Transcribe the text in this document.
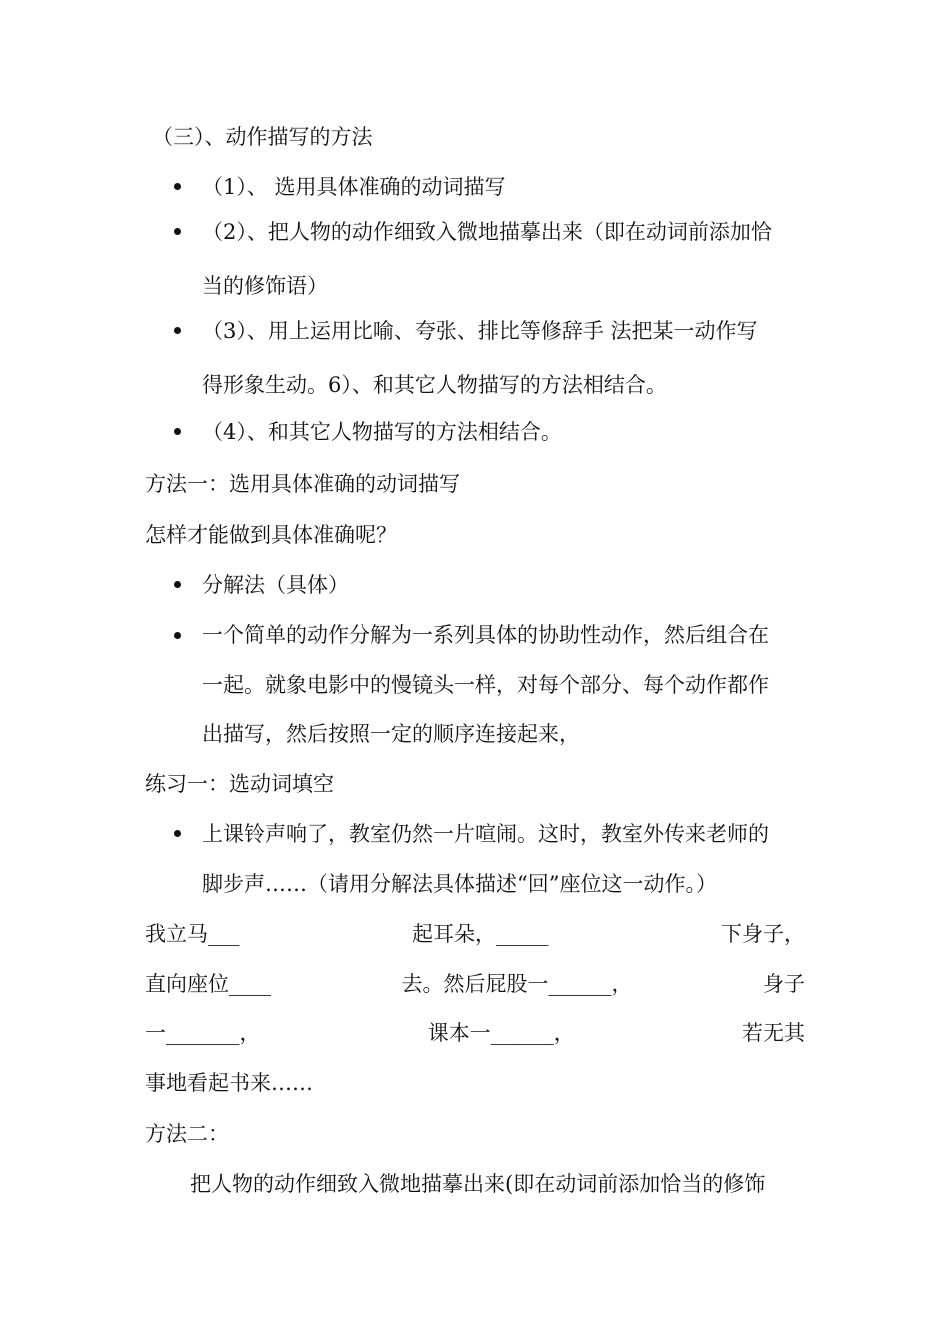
（三）、动作描写的方法
（1）、 选用具体准确的动词描写
（2）、把人物的动作细致入微地描摹出来（即在动词前添加恰
当的修饰语）
（3）、用上运用比喻、夸张、排比等修辞手 法把某一动作写
得形象生动。6）、和其它人物描写的方法相结合。
（4）、和其它人物描写的方法相结合。
方法一：选用具体准确的动词描写
怎样才能做到具体准确呢？
分解法（具体）
一个简单的动作分解为一系列具体的协助性动作，然后组合在
一起。就象电影中的慢镜头一样，对每个部分、每个动作都作
出描写，然后按照一定的顺序连接起来，
练习一：选动词填空
上课铃声响了，教室仍然一片喧闹。这时，教室外传来老师的
脚步声……（请用分解法具体描述“回”座位这一动作。）
我立马___	起耳朵，_____	下身子，
直向座位____	去。然后屁股一______，	身子
一_______，	课本一______，	若无其
事地看起书来……
方法二：
把人物的动作细致入微地描摹出来(即在动词前添加恰当的修饰
